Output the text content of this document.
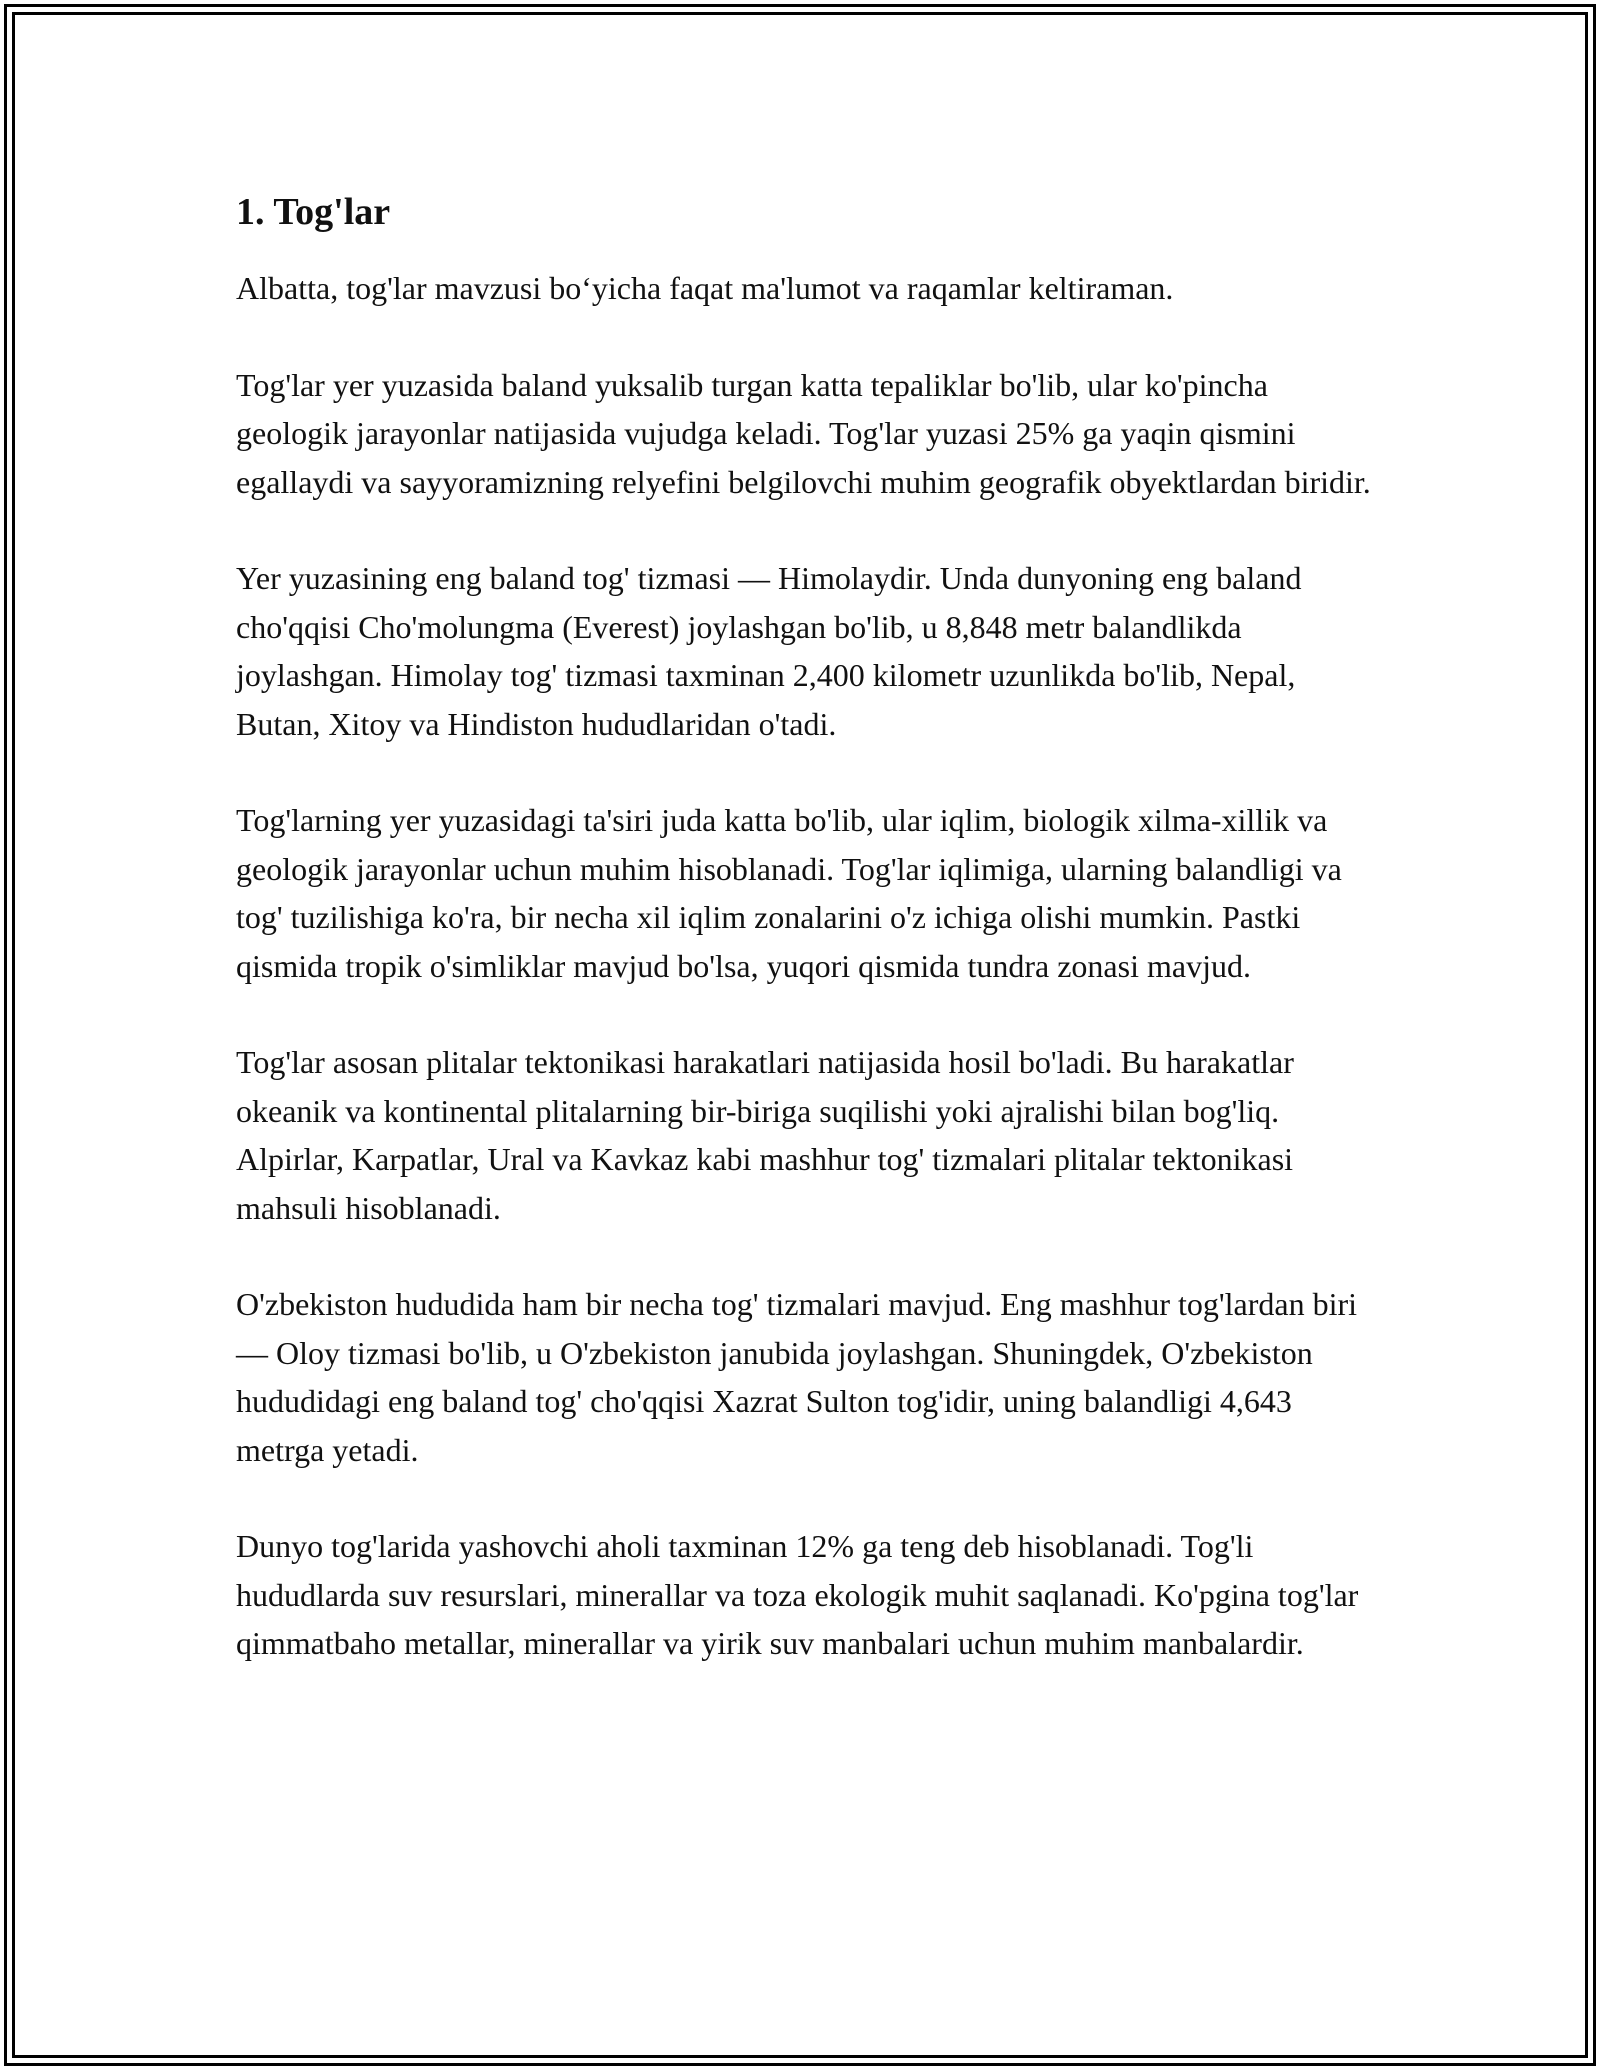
1. Tog'lar

Albatta, tog'lar mavzusi bo‘yicha faqat ma'lumot va raqamlar keltiraman.

Tog'lar yer yuzasida baland yuksalib turgan katta tepaliklar bo'lib, ular ko'pincha geologik jarayonlar natijasida vujudga keladi. Tog'lar yuzasi 25% ga yaqin qismini egallaydi va sayyoramizning relyefini belgilovchi muhim geografik obyektlardan biridir.

Yer yuzasining eng baland tog' tizmasi — Himolaydir. Unda dunyoning eng baland cho'qqisi Cho'molungma (Everest) joylashgan bo'lib, u 8,848 metr balandlikda joylashgan. Himolay tog' tizmasi taxminan 2,400 kilometr uzunlikda bo'lib, Nepal, Butan, Xitoy va Hindiston hududlaridan o'tadi.

Tog'larning yer yuzasidagi ta'siri juda katta bo'lib, ular iqlim, biologik xilma-xillik va geologik jarayonlar uchun muhim hisoblanadi. Tog'lar iqlimiga, ularning balandligi va tog' tuzilishiga ko'ra, bir necha xil iqlim zonalarini o'z ichiga olishi mumkin. Pastki qismida tropik o'simliklar mavjud bo'lsa, yuqori qismida tundra zonasi mavjud.

Tog'lar asosan plitalar tektonikasi harakatlari natijasida hosil bo'ladi. Bu harakatlar okeanik va kontinental plitalarning bir-biriga suqilishi yoki ajralishi bilan bog'liq. Alpirlar, Karpatlar, Ural va Kavkaz kabi mashhur tog' tizmalari plitalar tektonikasi mahsuli hisoblanadi.

O'zbekiston hududida ham bir necha tog' tizmalari mavjud. Eng mashhur tog'lardan biri — Oloy tizmasi bo'lib, u O'zbekiston janubida joylashgan. Shuningdek, O'zbekiston hududidagi eng baland tog' cho'qqisi Xazrat Sulton tog'idir, uning balandligi 4,643 metrga yetadi.

Dunyo tog'larida yashovchi aholi taxminan 12% ga teng deb hisoblanadi. Tog'li hududlarda suv resurslari, minerallar va toza ekologik muhit saqlanadi. Ko'pgina tog'lar qimmatbaho metallar, minerallar va yirik suv manbalari uchun muhim manbalardir.
